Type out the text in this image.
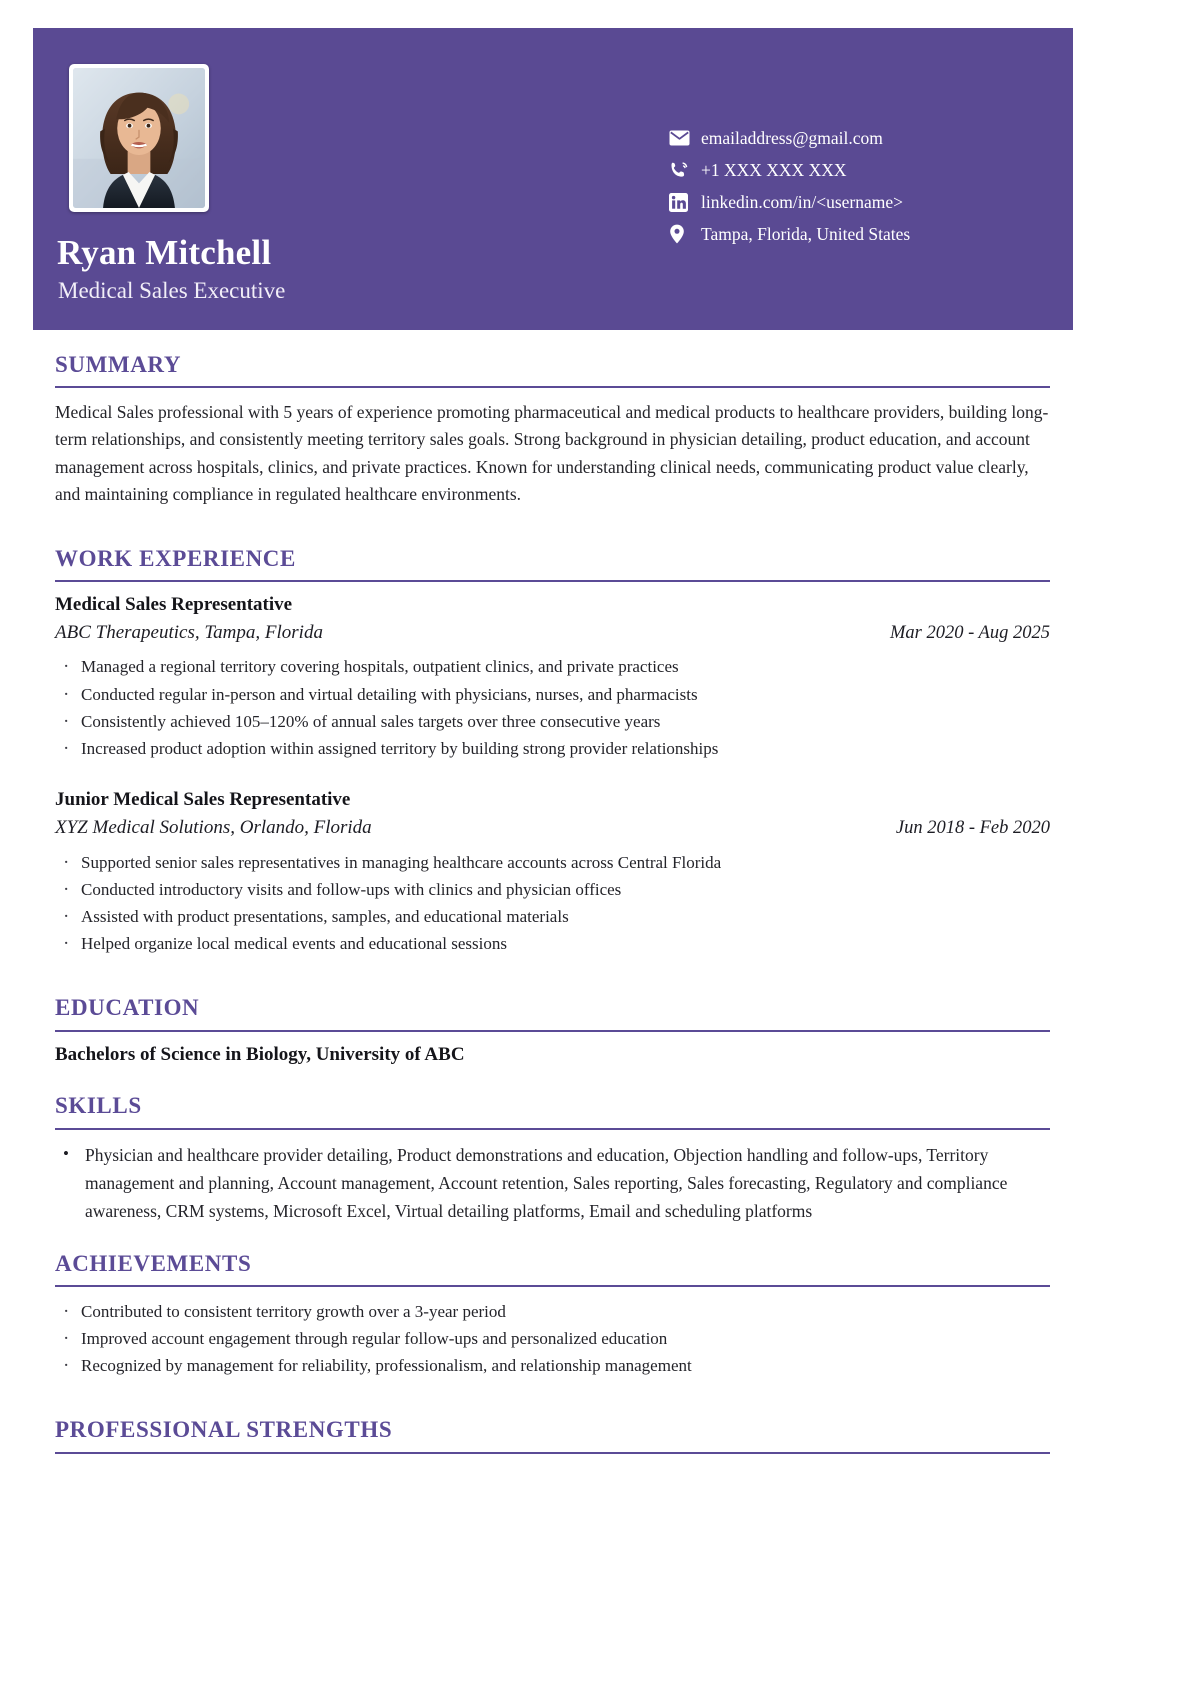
Ryan Mitchell
Medical Sales Executive
emailaddress@gmail.com
+1 XXX XXX XXX
linkedin.com/in/<username>
Tampa, Florida, United States
SUMMARY

Medical Sales professional with 5 years of experience promoting pharmaceutical and medical products to healthcare providers, building long-term relationships, and consistently meeting territory sales goals. Strong background in physician detailing, product education, and account management across hospitals, clinics, and private practices. Known for understanding clinical needs, communicating product value clearly, and maintaining compliance in regulated healthcare environments.

WORK EXPERIENCE
Medical Sales Representative
ABC Therapeutics, Tampa, Florida	Mar 2020 - Aug 2025
· Managed a regional territory covering hospitals, outpatient clinics, and private practices
· Conducted regular in-person and virtual detailing with physicians, nurses, and pharmacists
· Consistently achieved 105–120% of annual sales targets over three consecutive years
· Increased product adoption within assigned territory by building strong provider relationships
Junior Medical Sales Representative
XYZ Medical Solutions, Orlando, Florida	Jun 2018 - Feb 2020
· Supported senior sales representatives in managing healthcare accounts across Central Florida
· Conducted introductory visits and follow-ups with clinics and physician offices
· Assisted with product presentations, samples, and educational materials
· Helped organize local medical events and educational sessions
EDUCATION
Bachelors of Science in Biology, University of ABC
SKILLS
• Physician and healthcare provider detailing, Product demonstrations and education, Objection handling and follow-ups, Territory management and planning, Account management, Account retention, Sales reporting, Sales forecasting, Regulatory and compliance awareness, CRM systems, Microsoft Excel, Virtual detailing platforms, Email and scheduling platforms
ACHIEVEMENTS
· Contributed to consistent territory growth over a 3-year period
· Improved account engagement through regular follow-ups and personalized education
· Recognized by management for reliability, professionalism, and relationship management
PROFESSIONAL STRENGTHS
